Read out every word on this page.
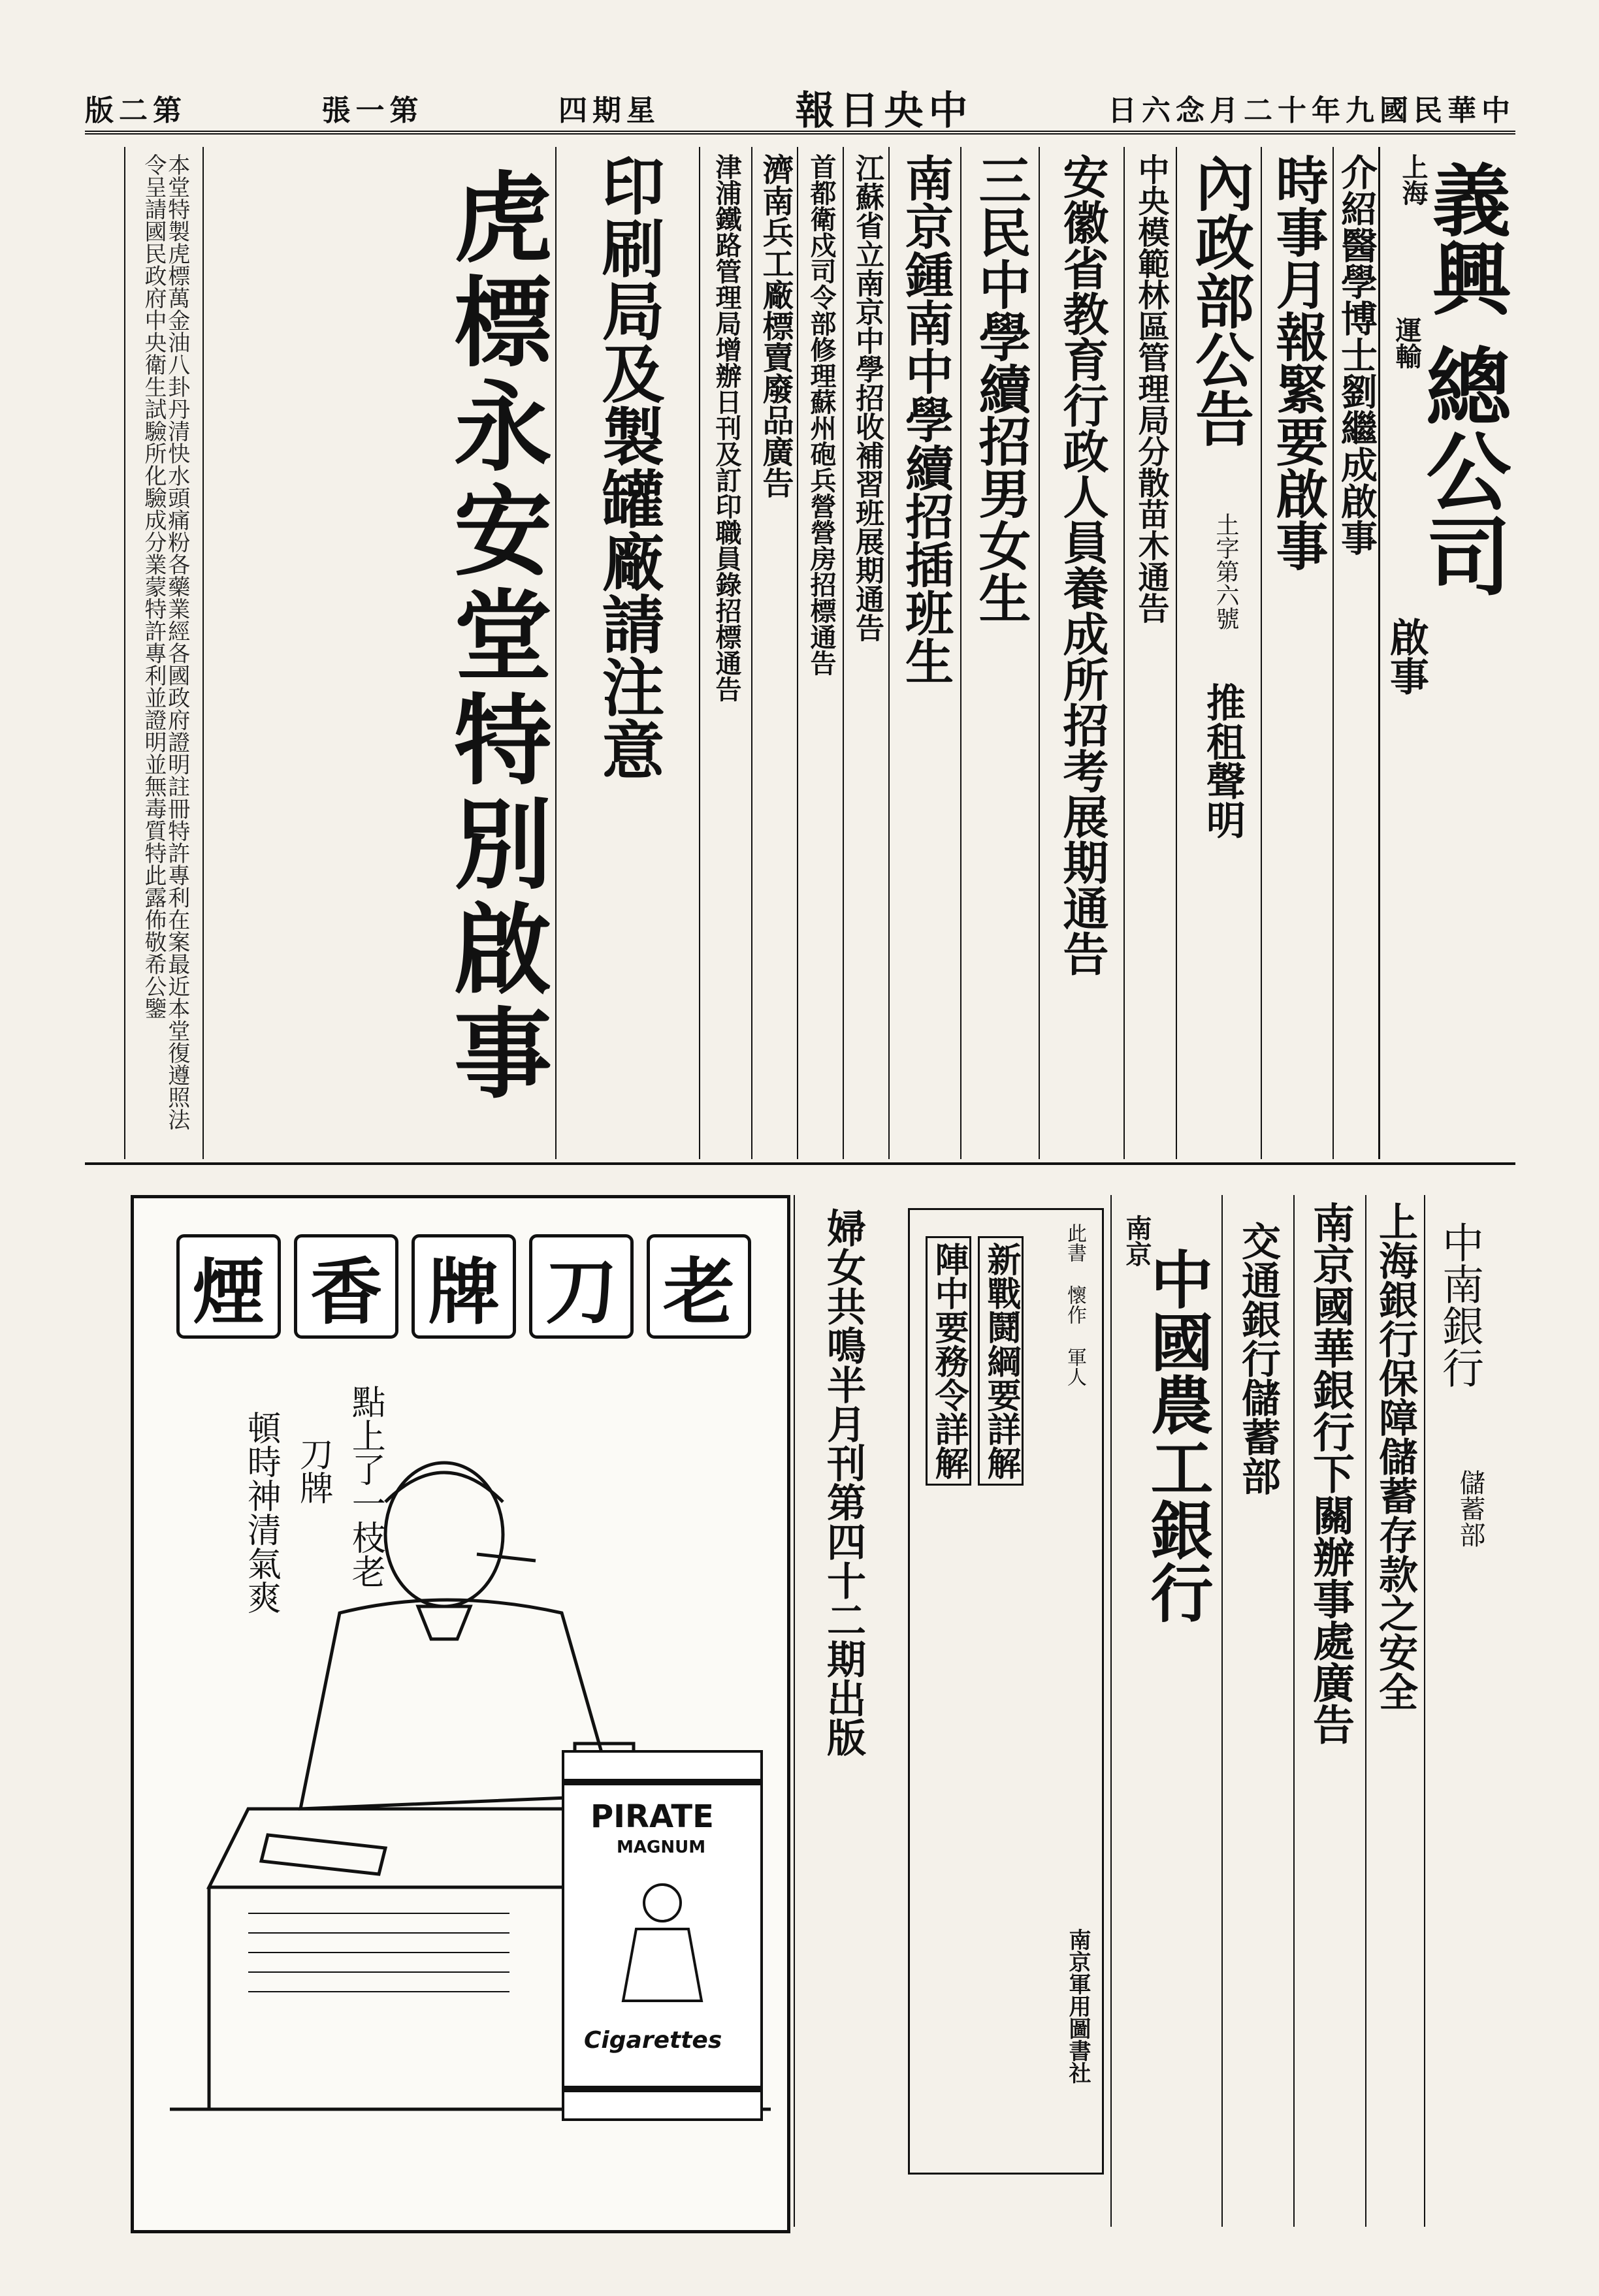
版二第	張一第	四期星	報日央中	日六念月二十年九國民華中
上海
義興
運輸
總公司
啟事
介紹醫學博士劉繼成啟事
時事月報緊要啟事
內政部公告
土字第六號
推租聲明
中央模範林區管理局分散苗木通告
安徽省教育行政人員養成所招考展期通告
三民中學續招男女生
南京鍾南中學續招插班生
江蘇省立南京中學招收補習班展期通告
首都衛戍司令部修理蘇州砲兵營營房招標通告
濟南兵工廠標賣廢品廣告
津浦鐵路管理局增辦日刊及訂印職員錄招標通告
印刷局及製罐廠請注意
虎標永安堂特別啟事
本堂特製虎標萬金油八卦丹清快水頭痛粉各藥業經各國政府證明註冊特許專利在案最近本堂復遵照法令呈請國民政府中央衛生試驗所化驗成分業蒙特許專利並證明並無毒質特此露佈敬希公鑒
煙 香 牌 刀 老
點上了一枝老
刀牌
頓時神清氣爽
PIRATE
MAGNUM
Cigarettes
婦女共鳴半月刊第四十二期出版	此書 懷作 軍人
新戰鬪綱要詳解
陣中要務令詳解
南京軍用圖書社
南京
中國農工銀行 交通銀行儲蓄部 南京國華銀行下關辦事處廣告 上海銀行保障儲蓄存款之安全 中南銀行
儲蓄部
